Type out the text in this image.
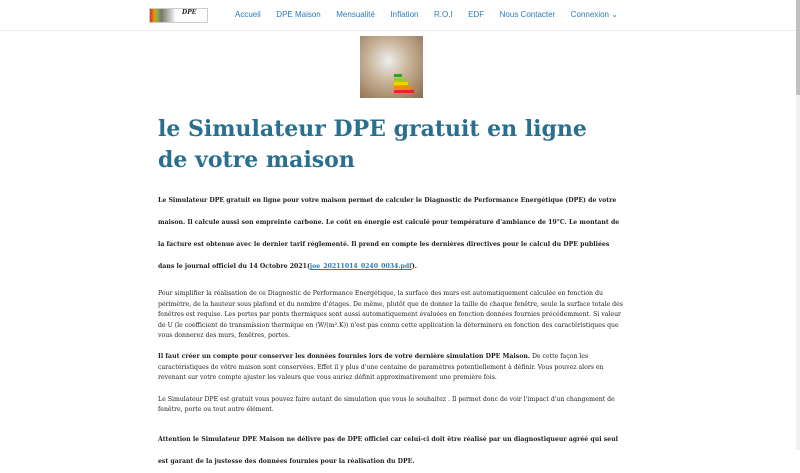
DPE	Accueil DPE Maison Mensualité Inflation R.O.I EDF Nous Contacter Connexion ⌄
le Simulateur DPE gratuit en ligne de votre maison

Le Simulateur DPE gratuit en ligne pour votre maison permet de calculer le Diagnostic de Performance Energétique (DPE) de votre maison. Il calcule aussi son empreinte carbone. Le coût en énergie est calculé pour température d'ambiance de 19°C. Le montant de la facture est obtenue avec le dernier tarif réglementé. Il prend en compte les dernières directives pour le calcul du DPE publiées dans le journal officiel du 14 Octobre 2021(joe_20211014_0240_0034.pdf).

Pour simplifier la réalisation de ce Diagnostic de Performance Energétique, la surface des murs est automatiquement calculée en fonction du périmètre, de la hauteur sous plafond et du nombre d'étages. De même, plutôt que de donner la taille de chaque fenêtre, seule la surface totale des fenêtres est requise. Les pertes par ponts thermiques sont aussi automatiquement évaluées en fonction données fournies précédemment. Si valeur de U (le coefficient de transmission thermique en (W/(m².K)) n'est pas connu cette application la déterminera en fonction des caractéristiques que vous donnerez des murs, fenêtres, portes.

Il faut créer un compte pour conserver les données fournies lors de votre dernière simulation DPE Maison. De cette façon les caractéristiques de vôtre maison sont conservées. Effet il y plus d'une centaine de paramètres potentiellement à définir. Vous pouvez alors en revenant sur votre compte ajuster les valeurs que vous auriez définit approximativement une première fois.

Le Simulateur DPE est gratuit vous pouvez faire autant de simulation que vous le souhaitez . Il permet donc de voir l'impact d'un changement de fenêtre, porte ou tout autre élément.

Attention le Simulateur DPE Maison ne délivre pas de DPE officiel car celui-ci doit être réalisé par un diagnostiqueur agréé qui seul est garant de la justesse des données fournies pour la réalisation du DPE.
